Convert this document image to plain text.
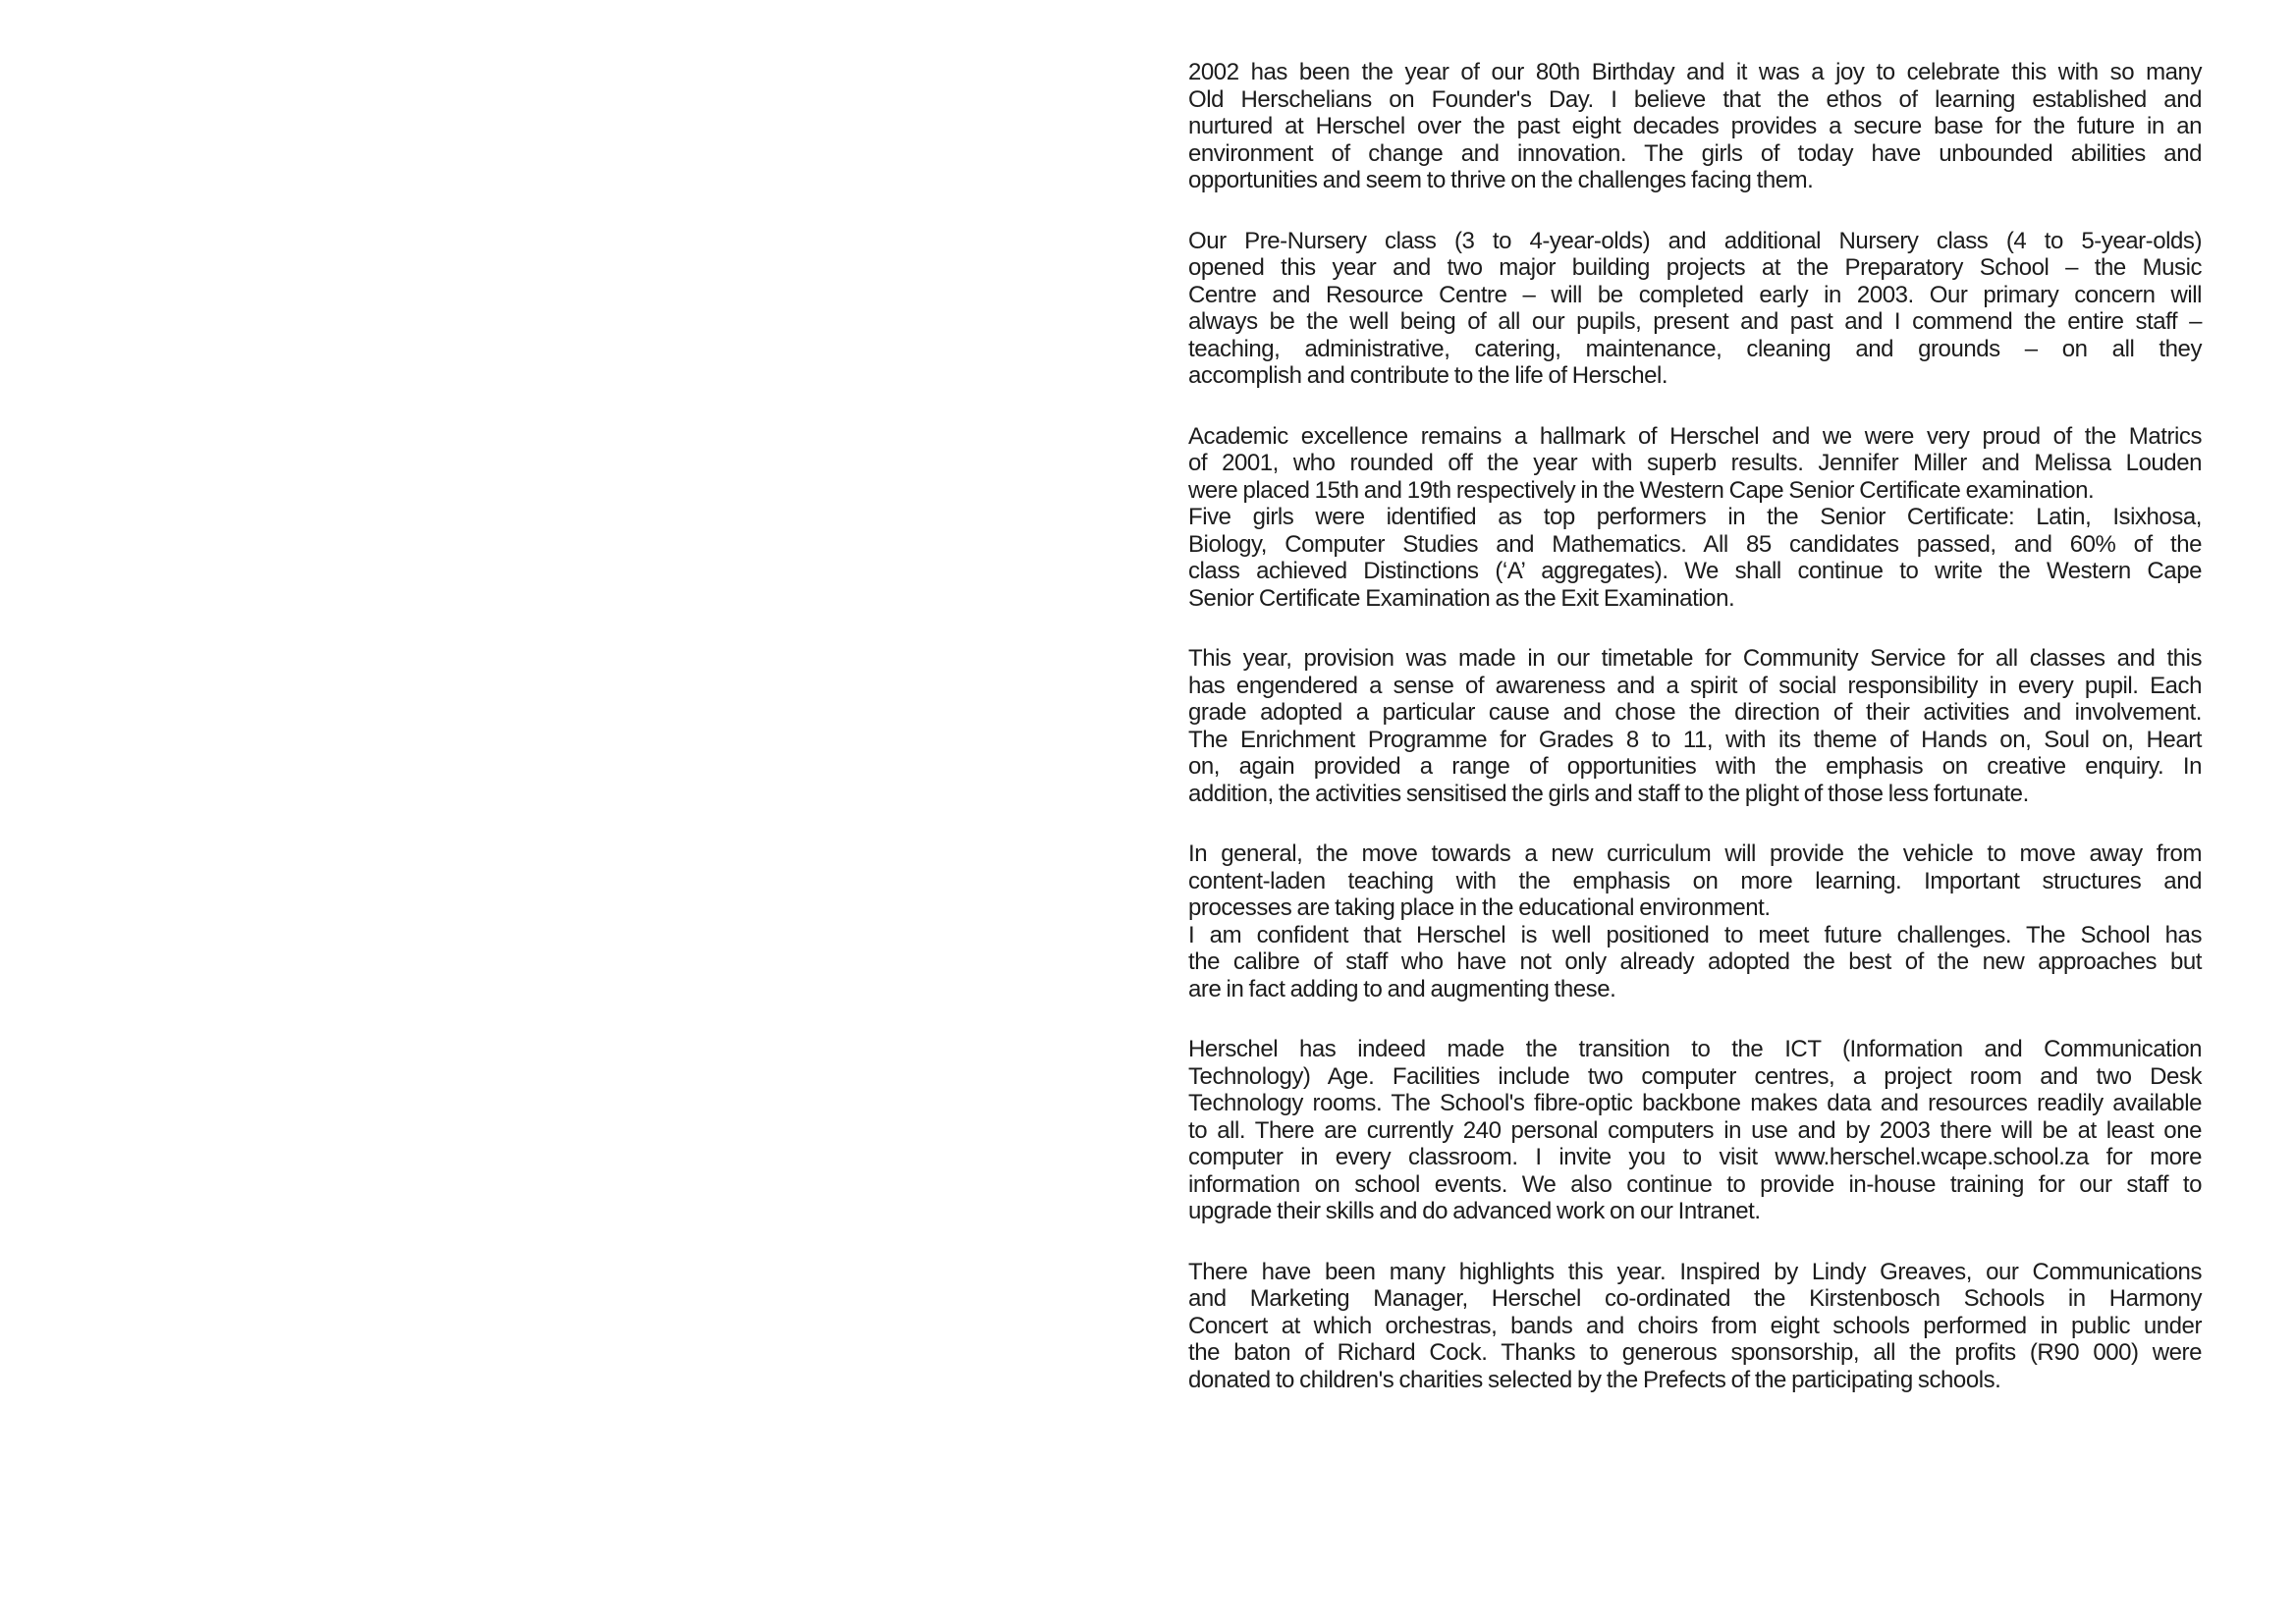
2002 has been the year of our 80th Birthday and it was a joy to celebrate this with so many
Old Herschelians on Founder's Day. I believe that the ethos of learning established and
nurtured at Herschel over the past eight decades provides a secure base for the future in an
environment of change and innovation. The girls of today have unbounded abilities and
opportunities and seem to thrive on the challenges facing them.

Our Pre-Nursery class (3 to 4-year-olds) and additional Nursery class (4 to 5-year-olds)
opened this year and two major building projects at the Preparatory School – the Music
Centre and Resource Centre – will be completed early in 2003. Our primary concern will
always be the well being of all our pupils, present and past and I commend the entire staff –
teaching, administrative, catering, maintenance, cleaning and grounds – on all they
accomplish and contribute to the life of Herschel.

Academic excellence remains a hallmark of Herschel and we were very proud of the Matrics
of 2001, who rounded off the year with superb results. Jennifer Miller and Melissa Louden
were placed 15th and 19th respectively in the Western Cape Senior Certificate examination.
Five girls were identified as top performers in the Senior Certificate: Latin, Isixhosa,
Biology, Computer Studies and Mathematics. All 85 candidates passed, and 60% of the
class achieved Distinctions (‘A’ aggregates). We shall continue to write the Western Cape
Senior Certificate Examination as the Exit Examination.

This year, provision was made in our timetable for Community Service for all classes and this
has engendered a sense of awareness and a spirit of social responsibility in every pupil. Each
grade adopted a particular cause and chose the direction of their activities and involvement.
The Enrichment Programme for Grades 8 to 11, with its theme of Hands on, Soul on, Heart
on, again provided a range of opportunities with the emphasis on creative enquiry. In
addition, the activities sensitised the girls and staff to the plight of those less fortunate.

In general, the move towards a new curriculum will provide the vehicle to move away from
content-laden teaching with the emphasis on more learning. Important structures and
processes are taking place in the educational environment.
I am confident that Herschel is well positioned to meet future challenges. The School has
the calibre of staff who have not only already adopted the best of the new approaches but
are in fact adding to and augmenting these.

Herschel has indeed made the transition to the ICT (Information and Communication
Technology) Age. Facilities include two computer centres, a project room and two Desk
Technology rooms. The School's fibre-optic backbone makes data and resources readily available
to all. There are currently 240 personal computers in use and by 2003 there will be at least one
computer in every classroom. I invite you to visit www.herschel.wcape.school.za for more
information on school events. We also continue to provide in-house training for our staff to
upgrade their skills and do advanced work on our Intranet.

There have been many highlights this year. Inspired by Lindy Greaves, our Communications
and Marketing Manager, Herschel co-ordinated the Kirstenbosch Schools in Harmony
Concert at which orchestras, bands and choirs from eight schools performed in public under
the baton of Richard Cock. Thanks to generous sponsorship, all the profits (R90 000) were
donated to children's charities selected by the Prefects of the participating schools.
